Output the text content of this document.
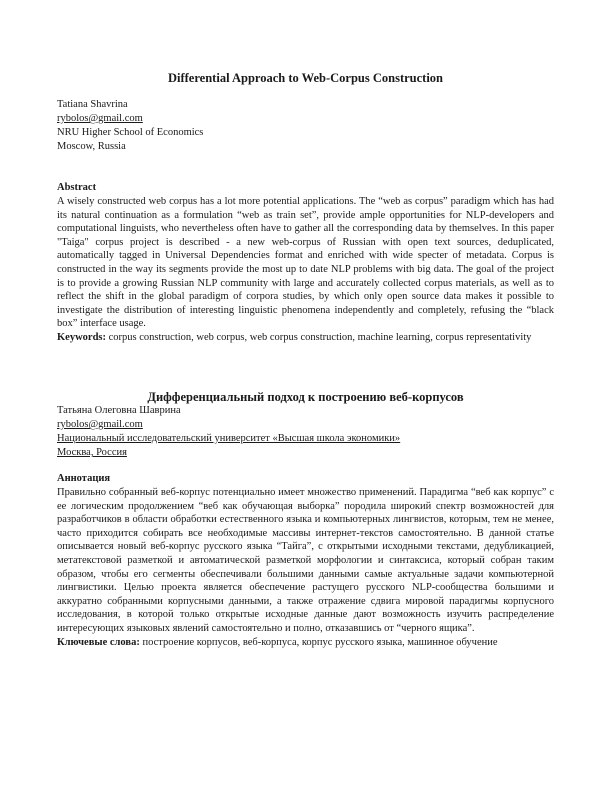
Differential Approach to Web-Corpus Construction
Tatiana Shavrina
rybolos@gmail.com
NRU Higher School of Economics
Moscow, Russia
Abstract

A wisely constructed web corpus has a lot more potential applications. The “web as corpus” paradigm which has had its natural continuation as a formulation “web as train set”, provide ample opportunities for NLP-developers and computational linguists, who nevertheless often have to gather all the corresponding data by themselves. In this paper "Taiga" corpus project is described - a new web-corpus of Russian with open text sources, deduplicated, automatically tagged in Universal Dependencies format and enriched with wide specter of metadata. Corpus is constructed in the way its segments provide the most up to date NLP problems with big data. The goal of the project is to provide a growing Russian NLP community with large and accurately collected corpus materials, as well as to reflect the shift in the global paradigm of corpora studies, by which only open source data makes it possible to investigate the distribution of interesting linguistic phenomena independently and completely, refusing the “black box” interface usage.

Keywords: corpus construction, web corpus, web corpus construction, machine learning, corpus representativity

Дифференциальный подход к построению веб-корпусов
Татьяна Олеговна Шаврина
rybolos@gmail.com
Национальный исследовательский университет «Высшая школа экономики»
Москва, Россия
Аннотация

Правильно собранный веб-корпус потенциально имеет множество применений. Парадигма “веб как корпус” с ее логическим продолжением “веб как обучающая выборка” породила широкий спектр возможностей для разработчиков в области обработки естественного языка и компьютерных лингвистов, которым, тем не менее, часто приходится собирать все необходимые массивы интернет-текстов самостоятельно. В данной статье описывается новый веб-корпус русского языка “Тайга”, с открытыми исходными текстами, дедубликацией, метатекстовой разметкой и автоматической разметкой морфологии и синтаксиса, который собран таким образом, чтобы его сегменты обеспечивали большими данными самые актуальные задачи компьютерной лингвистики. Целью проекта является обеспечение растущего русского NLP-сообщества большими и аккуратно собранными корпусными данными, а также отражение сдвига мировой парадигмы корпусного исследования, в которой только открытые исходные данные дают возможность изучить распределение интересующих языковых явлений самостоятельно и полно, отказавшись от “черного ящика”.

Ключевые слова: построение корпусов, веб-корпуса, корпус русского языка, машинное обучение
